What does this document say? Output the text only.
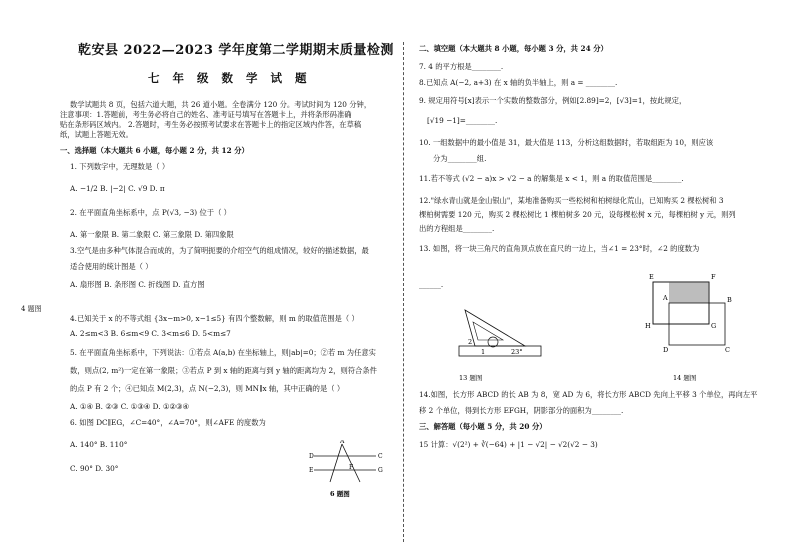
4 题图
乾安县 2022—2023 学年度第二学期期末质量检测
七年级数学试题
数学试题共 8 页，包括六道大题，共 26 道小题。全卷满分 120 分。考试时间为 120 分钟，
注意事项：1.答题前，考生务必将自己的姓名、准考证号填写在答题卡上，并将条形码准确
贴在条形码区域内。 2.答题时，考生务必按照考试要求在答题卡上的指定区域内作答，在草稿
纸，试题上答题无效。
一、选择题（本大题共 6 小题，每小题 2 分，共 12 分）
1. 下列数字中，无理数是（ ）
A. −1/2 B. |−2| C. √9 D. π
2. 在平面直角坐标系中，点 P(√3, −3) 位于（ ）
A. 第一象限 B. 第二象限 C. 第三象限 D. 第四象限
3.空气是由多种气体混合而成的，为了简明扼要的介绍空气的组成情况，较好的描述数据，最
适合使用的统计图是（ ）
A. 扇形图 B. 条形图 C. 折线图 D. 直方图
4.已知关于 x 的不等式组 {3x−m>0, x−1≤5} 有四个整数解，则 m 的取值范围是（ ）
A. 2≤m<3 B. 6≤m<9 C. 3<m≤6 D. 5<m≤7
5. 在平面直角坐标系中，下列说法：①若点 A(a,b) 在坐标轴上，则|ab|=0；②若 m 为任意实
数，则点(2, m²)一定在第一象限；③若点 P 到 x 轴的距离与到 y 轴的距离均为 2，则符合条件
的点 P 有 2 个；④已知点 M(2,3)，点 N(−2,3)，则 MN∥x 轴，其中正确的是（ ）
A. ①④ B. ②③ C. ①③④ D. ①②③④
6. 如图 DC∥EG，∠C=40°，∠A=70°，则∠AFE 的度数为
A. 140° B. 110°
C. 90° D. 30°
D
E	F
C
G
A
6 题图
二、填空题（本大题共 8 小题，每小题 3 分，共 24 分）
7. 4 的平方根是________.
8.已知点 A(−2, a+3) 在 x 轴的负半轴上，则 a = ________.
9. 规定用符号[x]表示一个实数的整数部分，例如[2.89]=2，[√3]=1，按此规定，
[√19 −1]=________.
10. 一组数据中的最小值是 31，最大值是 113，分析这组数据时，若取组距为 10，则应该
分为________组.
11.若不等式 (√2 − a)x > √2 − a 的解集是 x < 1，则 a 的取值范围是________.
12."绿水青山就是金山银山"，某地准备购买一些松树和柏树绿化荒山，已知购买 2 棵松树和 3
棵柏树需要 120 元，购买 2 棵松树比 1 棵柏树多 20 元，设每棵松树 x 元，每棵柏树 y 元，则列
出的方程组是________.
13. 如图，将一块三角尺的直角顶点放在直尺的一边上，当∠1 = 23°时，∠2 的度数为
______.
2
1	23°
13 题图
E	F
A	B
H	G
D	C
14 题图
14.如图，长方形 ABCD 的长 AB 为 8，宽 AD 为 6，将长方形 ABCD 先向上平移 3 个单位，再向左平
移 2 个单位，得到长方形 EFGH，阴影部分的面积为________.
三、解答题（每小题 5 分，共 20 分）
15 计算：√(2²) + ∛(−64) + |1 − √2| − √2(√2 − 3)
